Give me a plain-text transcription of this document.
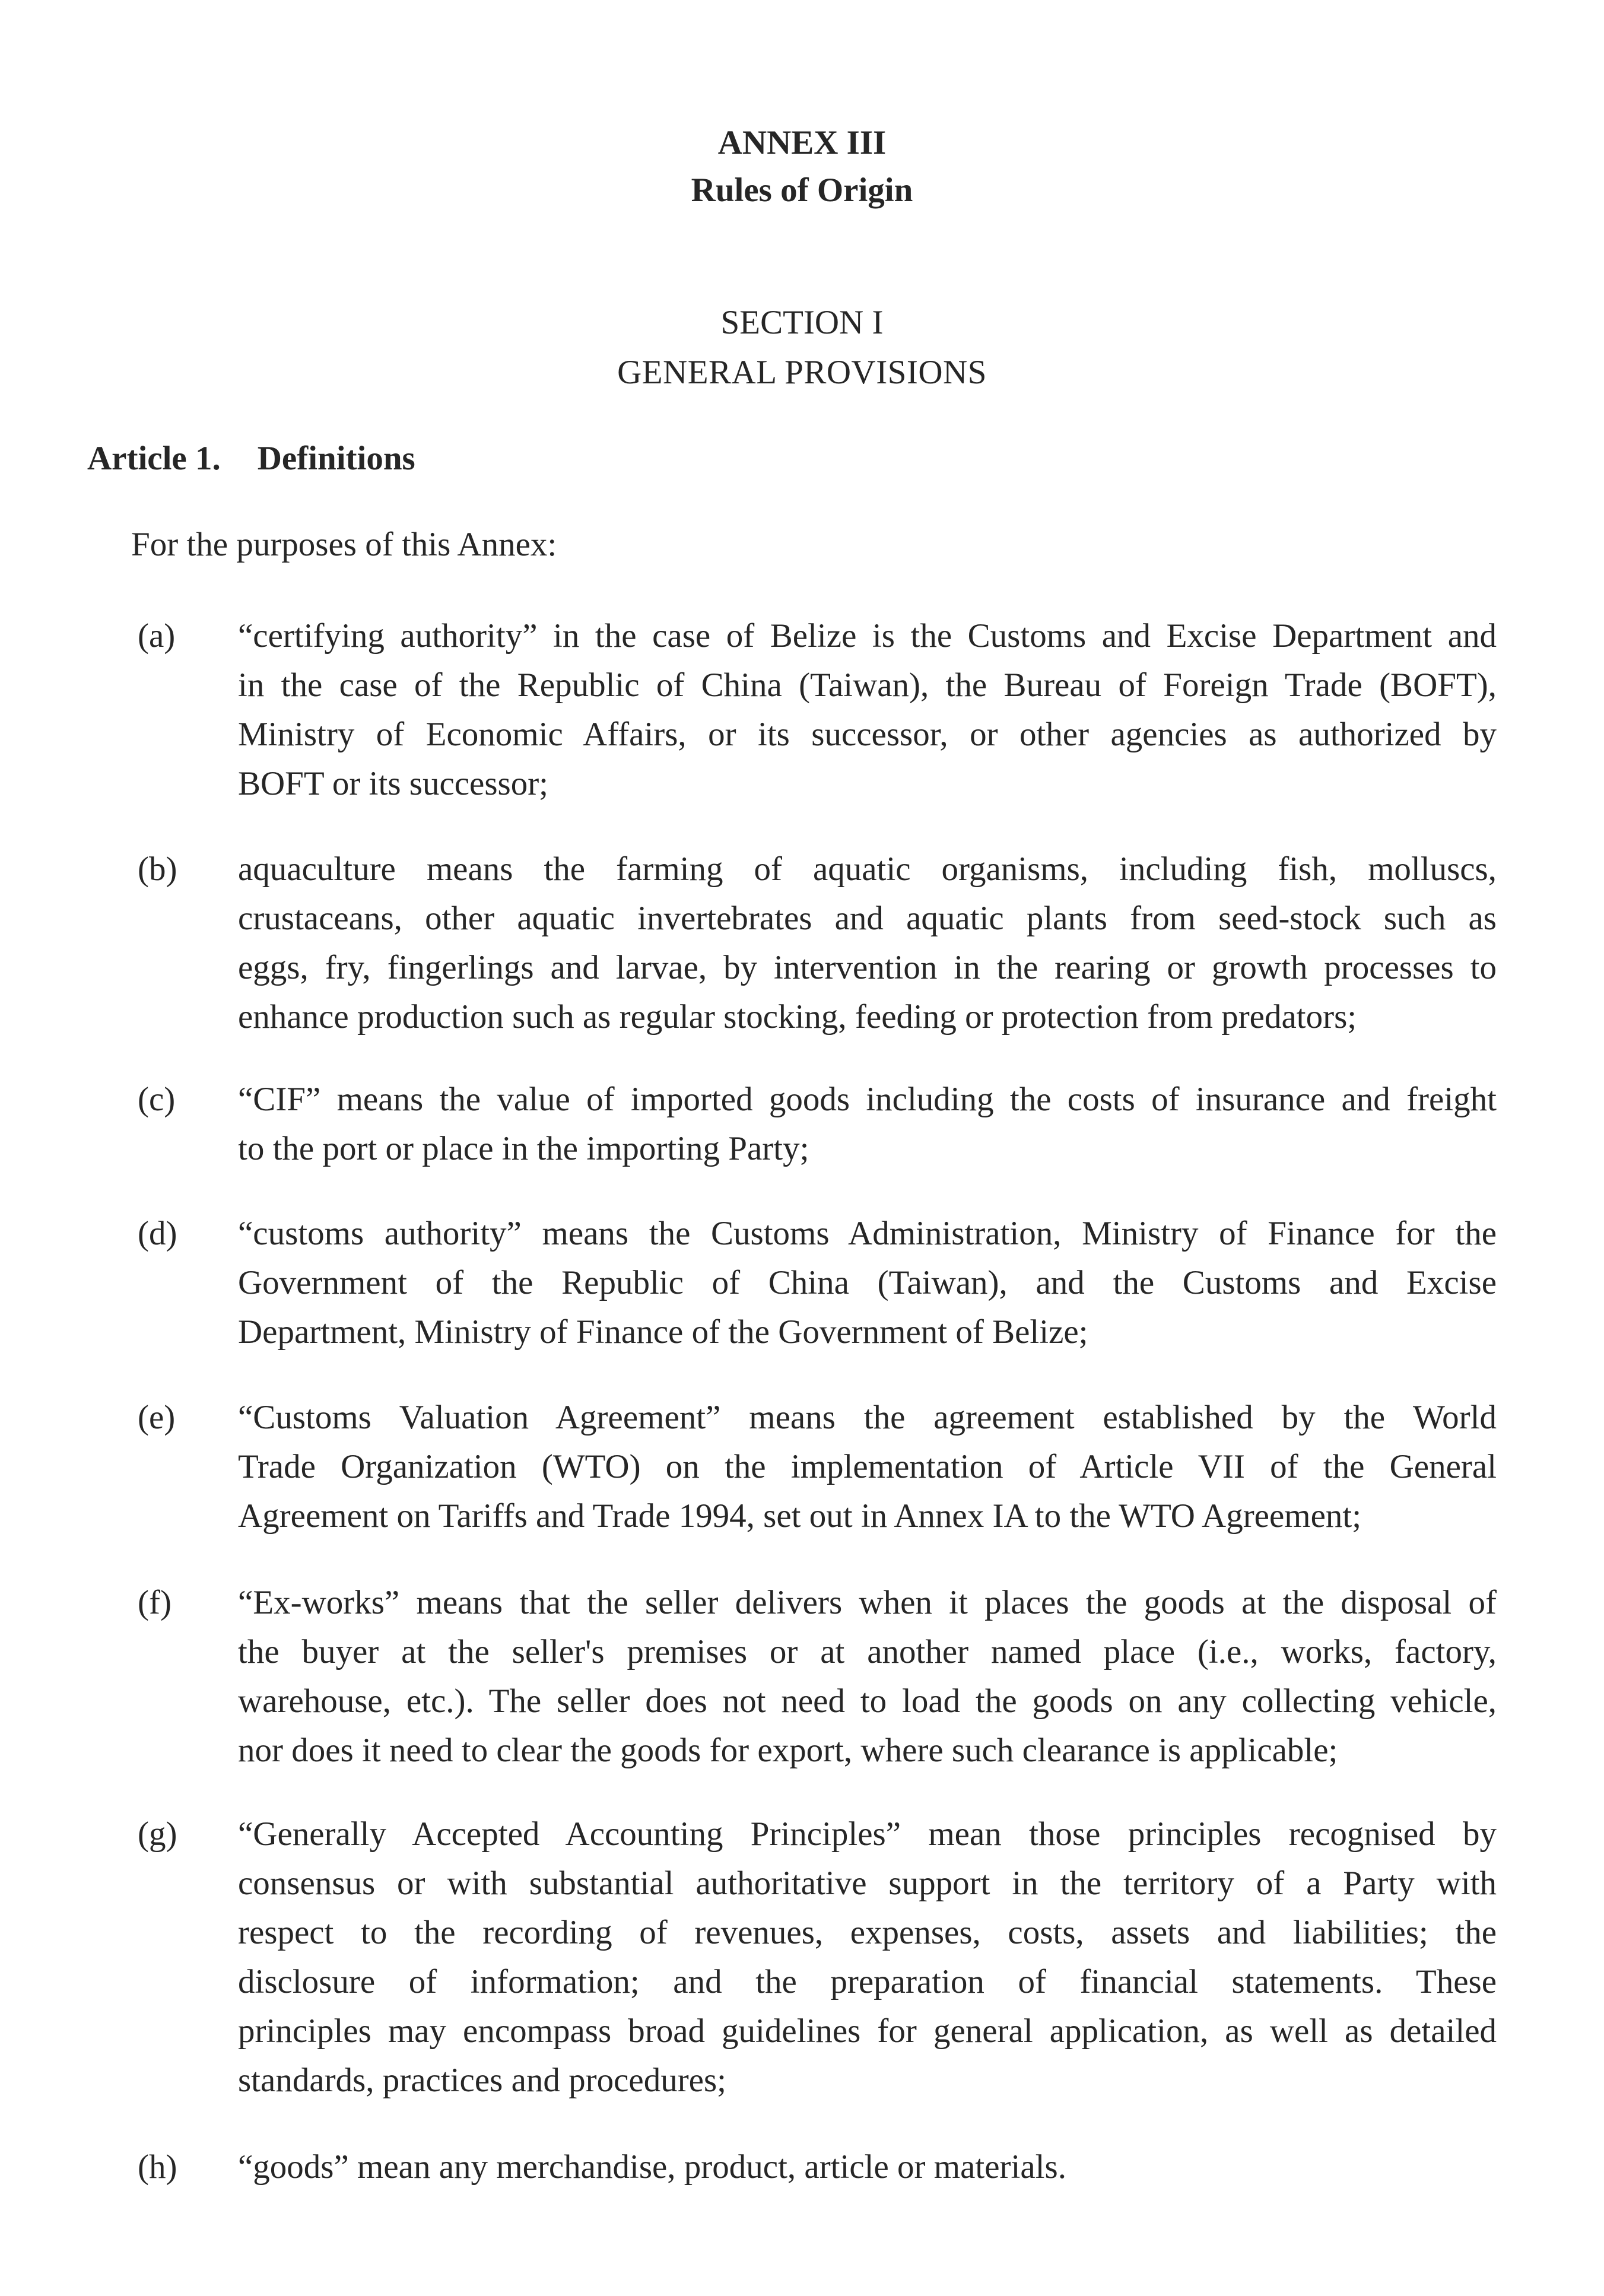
ANNEX III
Rules of Origin
SECTION I
GENERAL PROVISIONS
Article 1. Definitions
For the purposes of this Annex:
(a) “certifying authority” in the case of Belize is the Customs and Excise Department and
in the case of the Republic of China (Taiwan), the Bureau of Foreign Trade (BOFT),
Ministry of Economic Affairs, or its successor, or other agencies as authorized by
BOFT or its successor;
(b) aquaculture means the farming of aquatic organisms, including fish, molluscs,
crustaceans, other aquatic invertebrates and aquatic plants from seed-stock such as
eggs, fry, fingerlings and larvae, by intervention in the rearing or growth processes to
enhance production such as regular stocking, feeding or protection from predators;
(c) “CIF” means the value of imported goods including the costs of insurance and freight
to the port or place in the importing Party;
(d) “customs authority” means the Customs Administration, Ministry of Finance for the
Government of the Republic of China (Taiwan), and the Customs and Excise
Department, Ministry of Finance of the Government of Belize;
(e) “Customs Valuation Agreement” means the agreement established by the World
Trade Organization (WTO) on the implementation of Article VII of the General
Agreement on Tariffs and Trade 1994, set out in Annex IA to the WTO Agreement;
(f) “Ex-works” means that the seller delivers when it places the goods at the disposal of
the buyer at the seller's premises or at another named place (i.e., works, factory,
warehouse, etc.). The seller does not need to load the goods on any collecting vehicle,
nor does it need to clear the goods for export, where such clearance is applicable;
(g) “Generally Accepted Accounting Principles” mean those principles recognised by
consensus or with substantial authoritative support in the territory of a Party with
respect to the recording of revenues, expenses, costs, assets and liabilities; the
disclosure of information; and the preparation of financial statements. These
principles may encompass broad guidelines for general application, as well as detailed
standards, practices and procedures;
(h) “goods” mean any merchandise, product, article or materials.
